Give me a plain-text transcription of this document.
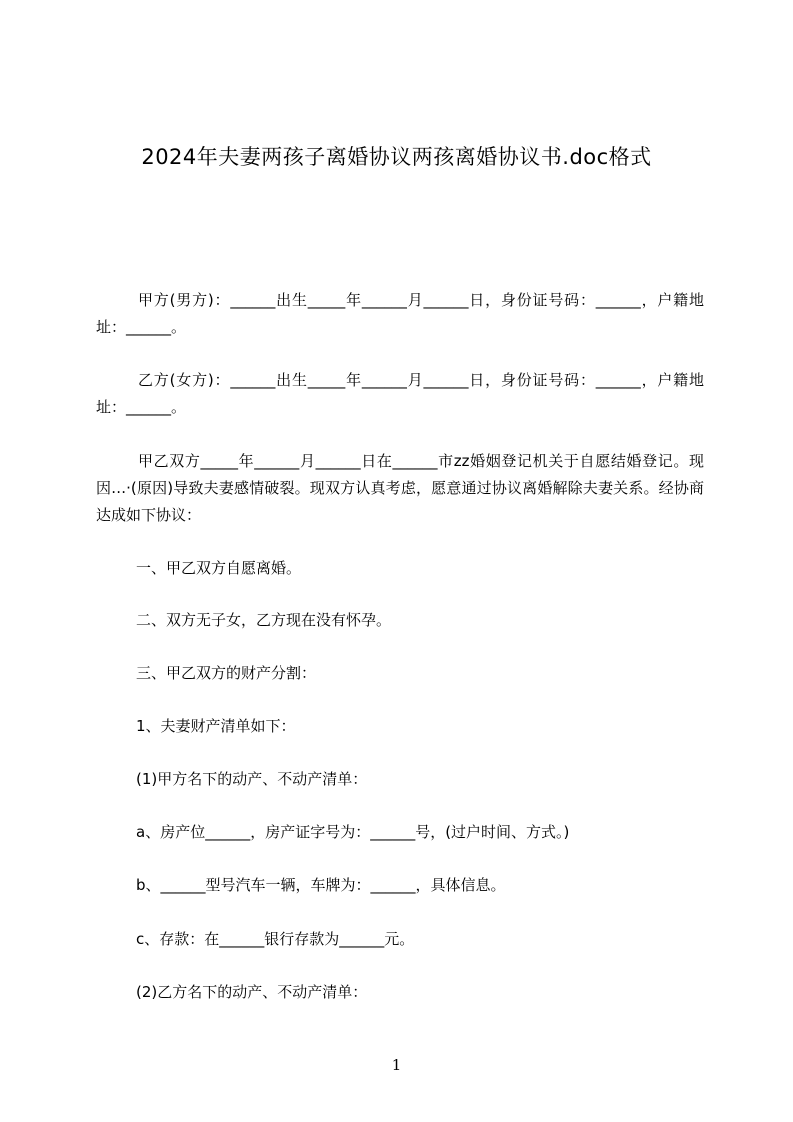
2024年夫妻两孩子离婚协议两孩离婚协议书.doc格式
甲方(男方)：______出生_____年______月______日，身份证号码：______，户籍地址：______。
乙方(女方)：______出生_____年______月______日，身份证号码：______，户籍地址：______。
甲乙双方_____年______月______日在______市zz婚姻登记机关于自愿结婚登记。现因…·(原因)导致夫妻感情破裂。现双方认真考虑，愿意通过协议离婚解除夫妻关系。经协商达成如下协议：
一、甲乙双方自愿离婚。
二、双方无子女，乙方现在没有怀孕。
三、甲乙双方的财产分割：
1、夫妻财产清单如下：
(1)甲方名下的动产、不动产清单：
a、房产位______，房产证字号为：______号，(过户时间、方式。)
b、______型号汽车一辆，车牌为：______，具体信息。
c、存款：在______银行存款为______元。
(2)乙方名下的动产、不动产清单：
1
